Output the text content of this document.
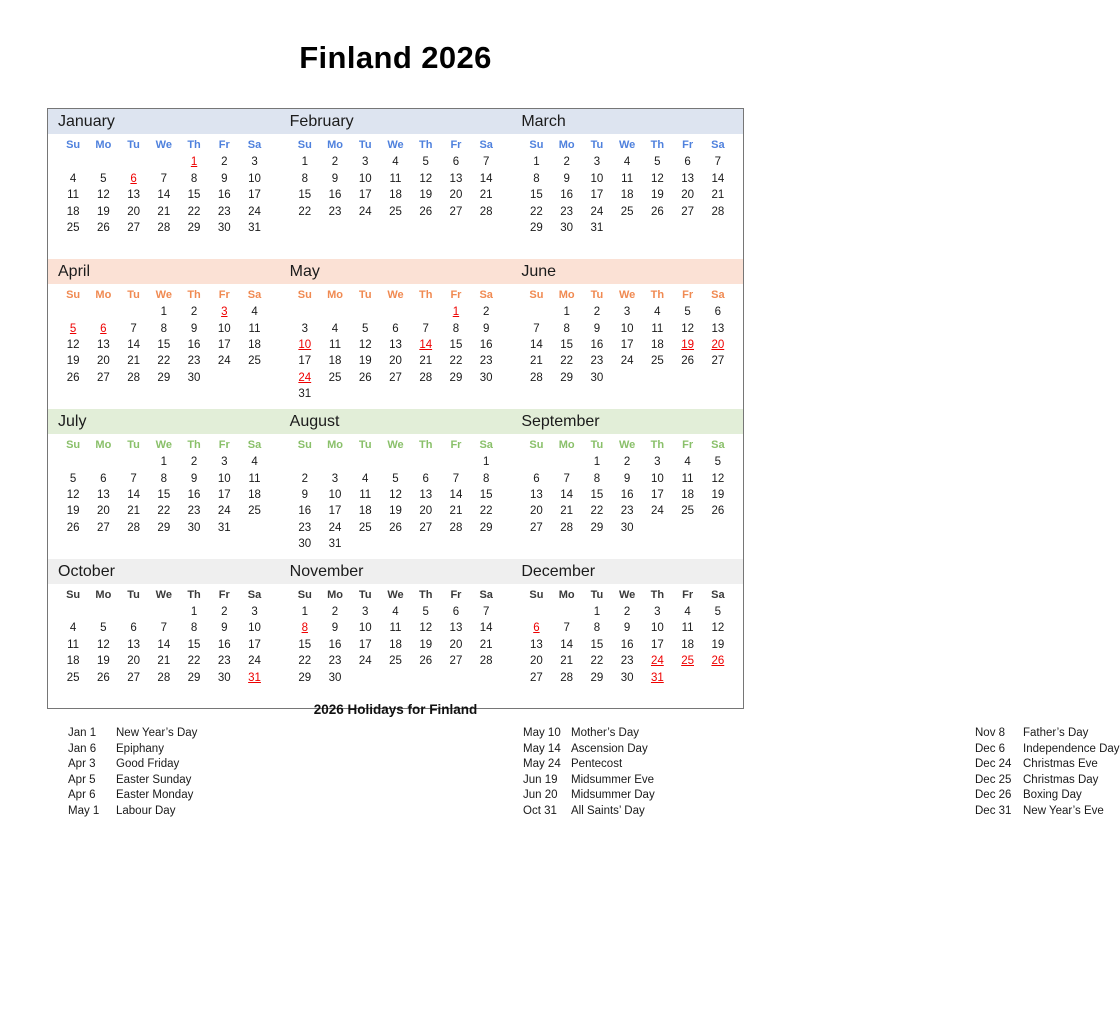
Finland 2026
January
Su	Mo	Tu	We	Th	Fr	Sa
				1	2	3
4	5	6	7	8	9	10
11	12	13	14	15	16	17
18	19	20	21	22	23	24
25	26	27	28	29	30	31

February
Su	Mo	Tu	We	Th	Fr	Sa
1	2	3	4	5	6	7
8	9	10	11	12	13	14
15	16	17	18	19	20	21
22	23	24	25	26	27	28

March
Su	Mo	Tu	We	Th	Fr	Sa
1	2	3	4	5	6	7
8	9	10	11	12	13	14
15	16	17	18	19	20	21
22	23	24	25	26	27	28
29	30	31				

April
Su	Mo	Tu	We	Th	Fr	Sa
			1	2	3	4
5	6	7	8	9	10	11
12	13	14	15	16	17	18
19	20	21	22	23	24	25
26	27	28	29	30		

May
Su	Mo	Tu	We	Th	Fr	Sa
					1	2
3	4	5	6	7	8	9
10	11	12	13	14	15	16
17	18	19	20	21	22	23
24	25	26	27	28	29	30
31						
June
Su	Mo	Tu	We	Th	Fr	Sa
	1	2	3	4	5	6
7	8	9	10	11	12	13
14	15	16	17	18	19	20
21	22	23	24	25	26	27
28	29	30				

July
Su	Mo	Tu	We	Th	Fr	Sa
			1	2	3	4
5	6	7	8	9	10	11
12	13	14	15	16	17	18
19	20	21	22	23	24	25
26	27	28	29	30	31	

August
Su	Mo	Tu	We	Th	Fr	Sa
						1
2	3	4	5	6	7	8
9	10	11	12	13	14	15
16	17	18	19	20	21	22
23	24	25	26	27	28	29
30	31					
September
Su	Mo	Tu	We	Th	Fr	Sa
		1	2	3	4	5
6	7	8	9	10	11	12
13	14	15	16	17	18	19
20	21	22	23	24	25	26
27	28	29	30			

October
Su	Mo	Tu	We	Th	Fr	Sa
				1	2	3
4	5	6	7	8	9	10
11	12	13	14	15	16	17
18	19	20	21	22	23	24
25	26	27	28	29	30	31

November
Su	Mo	Tu	We	Th	Fr	Sa
1	2	3	4	5	6	7
8	9	10	11	12	13	14
15	16	17	18	19	20	21
22	23	24	25	26	27	28
29	30					

December
Su	Mo	Tu	We	Th	Fr	Sa
		1	2	3	4	5
6	7	8	9	10	11	12
13	14	15	16	17	18	19
20	21	22	23	24	25	26
27	28	29	30	31		

2026 Holidays for Finland
Jan 1	New Year’s Day
Jan 6	Epiphany
Apr 3	Good Friday
Apr 5	Easter Sunday
Apr 6	Easter Monday
May 1	Labour Day
May 10 Mother’s Day
May 14 Ascension Day
May 24 Pentecost
Jun 19	Midsummer Eve
Jun 20	Midsummer Day
Oct 31	All Saints’ Day
Nov 8	Father’s Day
Dec 6	Independence Day
Dec 24	Christmas Eve
Dec 25	Christmas Day
Dec 26	Boxing Day
Dec 31	New Year’s Eve
